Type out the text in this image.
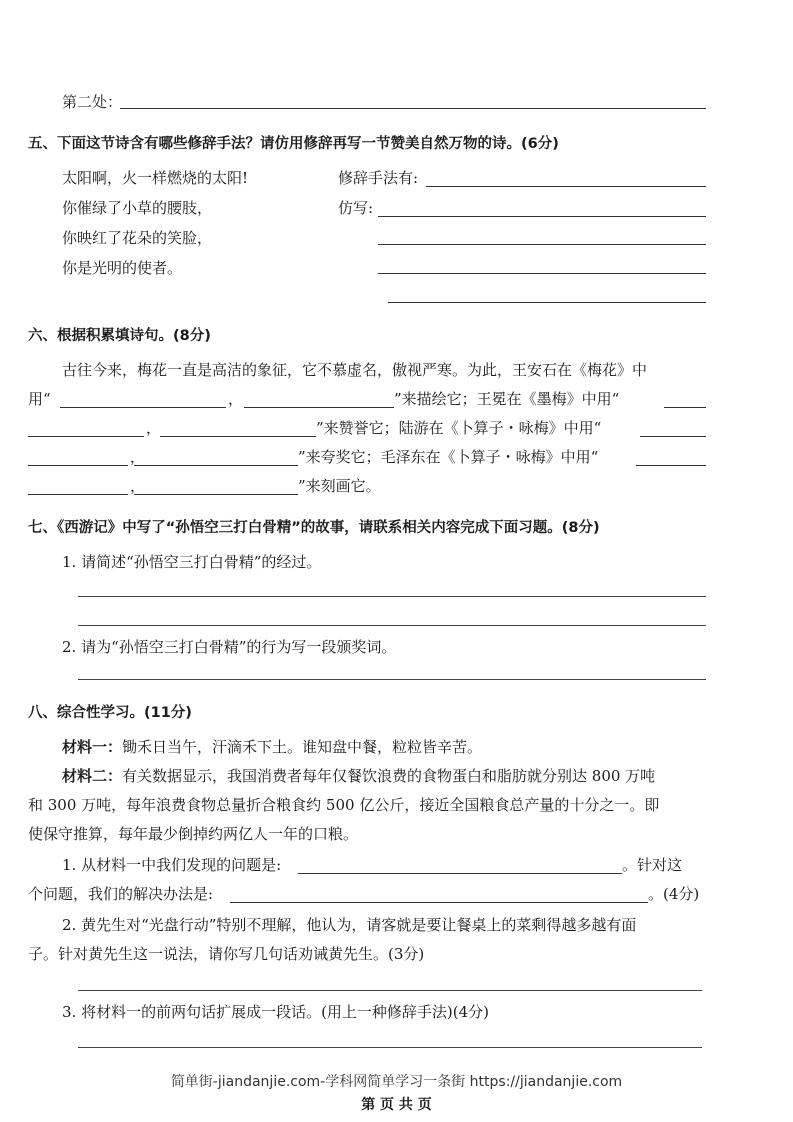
第二处：
五、下面这节诗含有哪些修辞手法？请仿用修辞再写一节赞美自然万物的诗。(6分)
太阳啊，火一样燃烧的太阳!
你催绿了小草的腰肢，
你映红了花朵的笑脸，
你是光明的使者。
修辞手法有:
仿写:
六、根据积累填诗句。(8分)
古往今来，梅花一直是高洁的象征，它不慕虚名，傲视严寒。为此，王安石在《梅花》中
用“	，	”来描绘它；王冕在《墨梅》中用“
，	”来赞誉它；陆游在《卜算子・咏梅》中用“
，	”来夸奖它；毛泽东在《卜算子・咏梅》中用“
，	”来刻画它。
七、《西游记》中写了“孙悟空三打白骨精”的故事，请联系相关内容完成下面习题。(8分)
1. 请简述“孙悟空三打白骨精”的经过。
2. 请为“孙悟空三打白骨精”的行为写一段颁奖词。
八、综合性学习。(11分)
材料一：锄禾日当午，汗滴禾下土。谁知盘中餐，粒粒皆辛苦。
材料二：有关数据显示，我国消费者每年仅餐饮浪费的食物蛋白和脂肪就分别达 800 万吨
和 300 万吨，每年浪费食物总量折合粮食约 500 亿公斤，接近全国粮食总产量的十分之一。即
使保守推算，每年最少倒掉约两亿人一年的口粮。
1. 从材料一中我们发现的问题是:	。针对这
个问题，我们的解决办法是:	。(4分)
2. 黄先生对“光盘行动”特别不理解，他认为，请客就是要让餐桌上的菜剩得越多越有面
子。针对黄先生这一说法，请你写几句话劝诫黄先生。(3分)
3. 将材料一的前两句话扩展成一段话。(用上一种修辞手法)(4分)
简单街-jiandanjie.com-学科网简单学习一条街 https://jiandanjie.com
第 页 共 页
